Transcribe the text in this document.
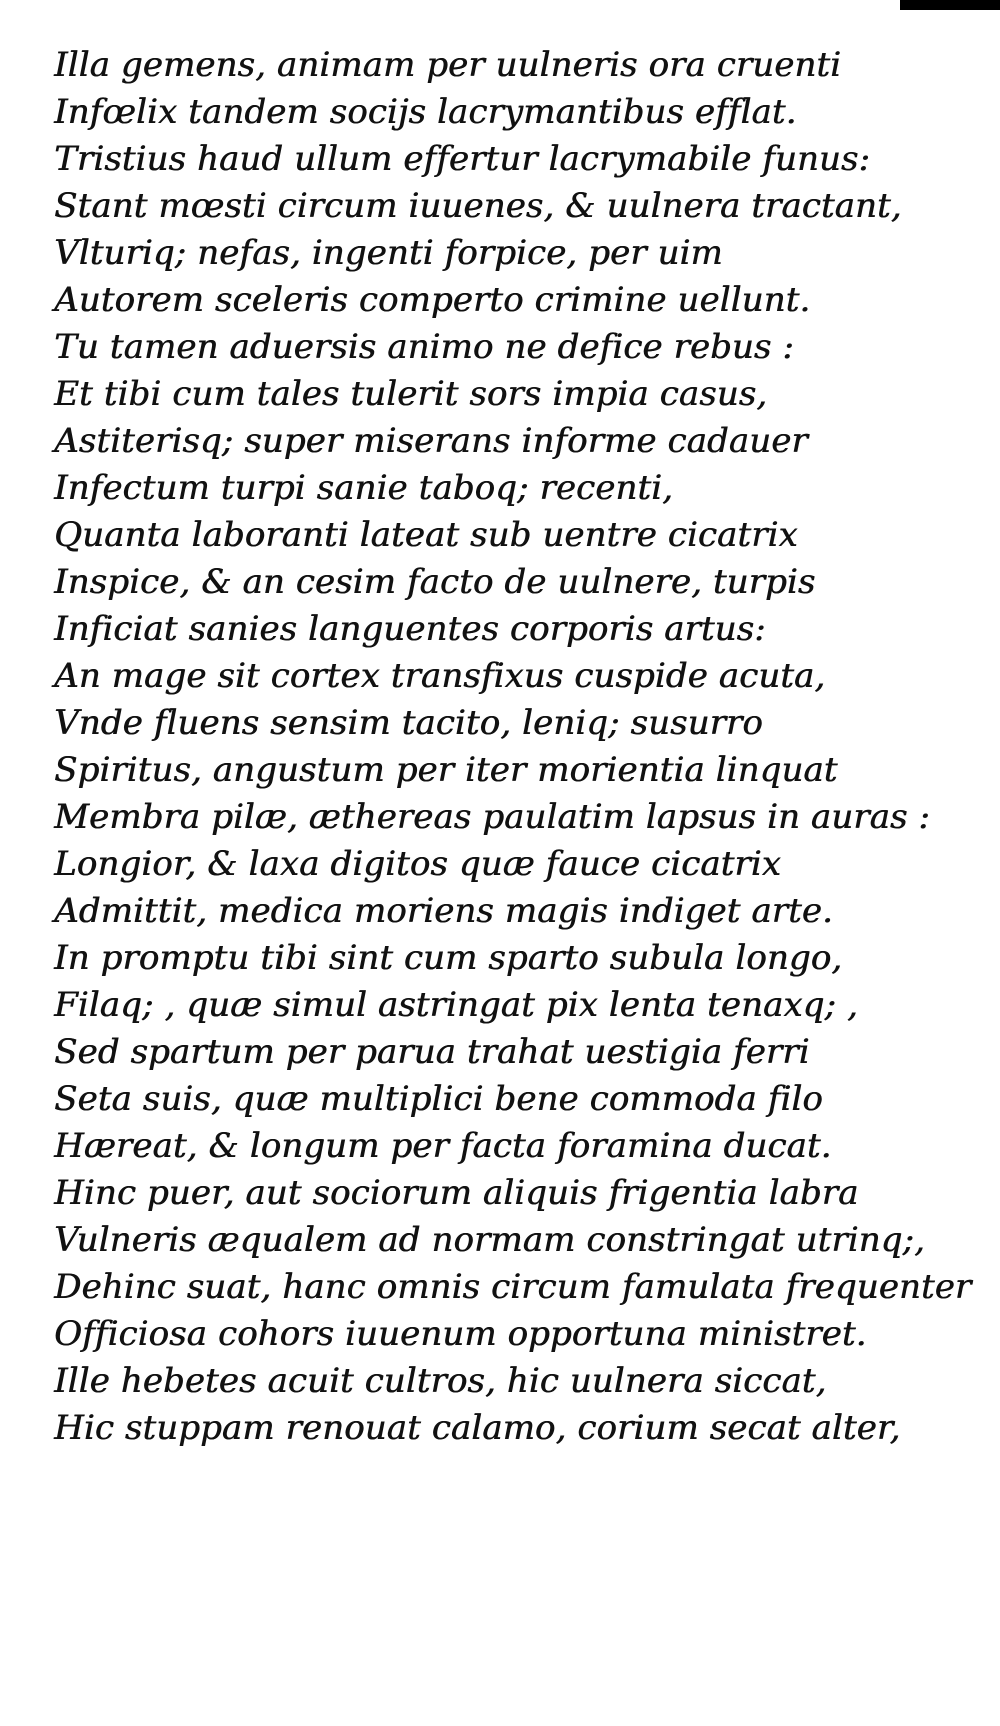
Illa gemens, animam per uulneris ora cruenti
Infœlix tandem socijs lacrymantibus efflat.
Tristius haud ullum effertur lacrymabile funus:
Stant mœsti circum iuuenes, & uulnera tractant,
Vlturiq; nefas, ingenti forpice, per uim
Autorem sceleris comperto crimine uellunt.
Tu tamen aduersis animo ne defice rebus :
Et tibi cum tales tulerit sors impia casus,
Astiterisq; super miserans informe cadauer
Infectum turpi sanie taboq; recenti,
Quanta laboranti lateat sub uentre cicatrix
Inspice, & an cesim facto de uulnere, turpis
Inficiat sanies languentes corporis artus:
An mage sit cortex transfixus cuspide acuta,
Vnde fluens sensim tacito, leniq; susurro
Spiritus, angustum per iter morientia linquat
Membra pilæ, æthereas paulatim lapsus in auras :
Longior, & laxa digitos quæ fauce cicatrix
Admittit, medica moriens magis indiget arte.
In promptu tibi sint cum sparto subula longo,
Filaq; , quæ simul astringat pix lenta tenaxq; ,
Sed spartum per parua trahat uestigia ferri
Seta suis, quæ multiplici bene commoda filo
Hæreat, & longum per facta foramina ducat.
Hinc puer, aut sociorum aliquis frigentia labra
Vulneris æqualem ad normam constringat utrinq;,
Dehinc suat, hanc omnis circum famulata frequenter
Officiosa cohors iuuenum opportuna ministret.
Ille hebetes acuit cultros, hic uulnera siccat,
Hic stuppam renouat calamo, corium secat alter,
